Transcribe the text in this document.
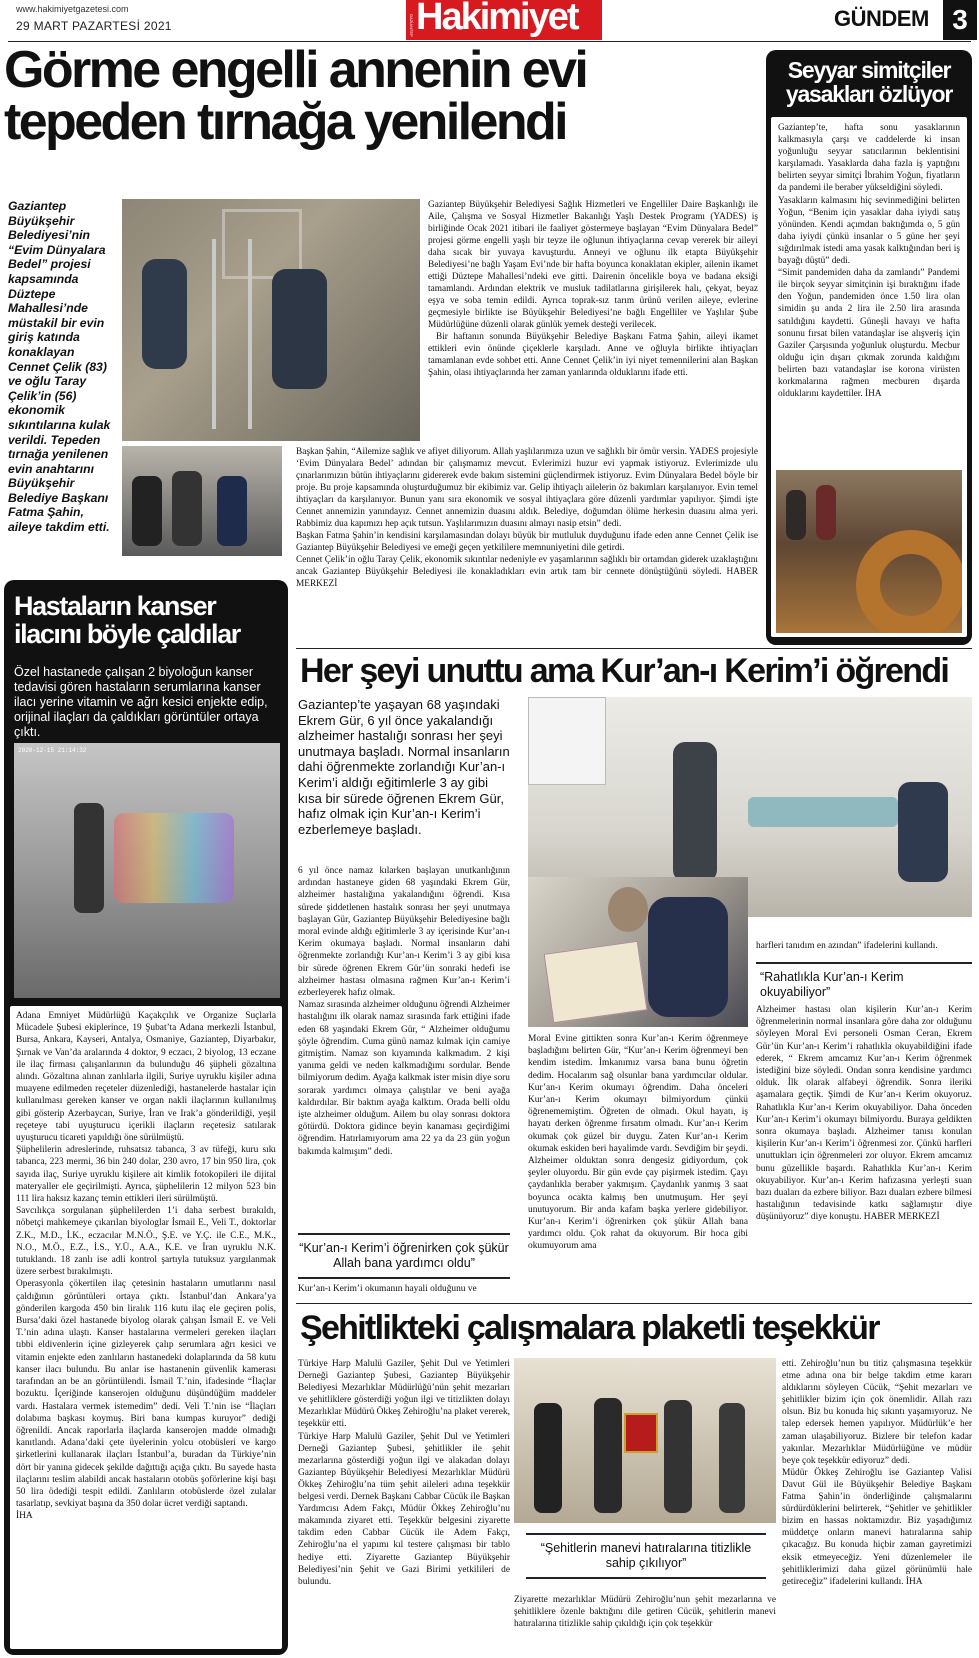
www.hakimiyetgazetesi.com
29 MART PAZARTESİ 2021	GAZİANTEP Hakimiyet	GÜNDEM 3
Görme engelli annenin evi
tepeden tırnağa yenilendi
Gaziantep Büyükşehir Belediyesi’nin “Evim Dünyalara Bedel” projesi kapsamında Düztepe Mahallesi’nde müstakil bir evin giriş katında konaklayan Cennet Çelik (83) ve oğlu Taray Çelik’in (56) ekonomik sıkıntılarına kulak verildi. Tepeden tırnağa yenilenen evin anahtarını Büyükşehir Belediye Başkanı Fatma Şahin, aileye takdim etti.

Gaziantep Büyükşehir Belediyesi Sağlık Hizmetleri ve Engelliler Daire Başkanlığı ile Aile, Çalışma ve Sosyal Hizmetler Bakanlığı Yaşlı Destek Programı (YADES) iş birliğinde Ocak 2021 itibari ile faaliyet göstermeye başlayan “Evim Dünyalara Bedel” projesi görme engelli yaşlı bir teyze ile oğlunun ihtiyaçlarına cevap vererek bir aileyi daha sıcak bir yuvaya kavuşturdu. Anneyi ve oğlunu ilk etapta Büyükşehir Belediyesi’ne bağlı Yaşam Evi’nde bir hafta boyunca konaklatan ekipler, ailenin ikamet ettiği Düztepe Mahallesi’ndeki eve gitti. Dairenin öncelikle boya ve badana eksiği tamamlandı. Ardından elektrik ve musluk tadilatlarına girişilerek halı, çekyat, beyaz eşya ve soba temin edildi. Ayrıca toprak-sız tarım ürünü verilen aileye, evlerine geçmesiyle birlikte ise Büyükşehir Belediyesi’ne bağlı Engelliler ve Yaşlılar Şube Müdürlüğüne düzenli olarak günlük yemek desteği verilecek.

Bir haftanın sonunda Büyükşehir Belediye Başkanı Fatma Şahin, aileyi ikamet ettikleri evin önünde çiçeklerle karşıladı. Anne ve oğluyla birlikte ihtiyaçları tamamlanan evde sohbet etti. Anne Cennet Çelik’in iyi niyet temennilerini alan Başkan Şahin, olası ihtiyaçlarında her zaman yanlarında olduklarını ifade etti.

Başkan Şahin, “Ailemize sağlık ve afiyet diliyorum. Allah yaşlılarımıza uzun ve sağlıklı bir ömür versin. YADES projesiyle ‘Evim Dünyalara Bedel’ adından bir çalışmamız mevcut. Evlerimizi huzur evi yapmak istiyoruz. Evlerimizde ulu çınarlarımızın bütün ihtiyaçlarını gidererek evde bakım sistemini güçlendirmek istiyoruz. Evim Dünyalara Bedel böyle bir proje. Bu proje kapsamında oluşturduğumuz bir ekibimiz var. Gelip ihtiyaçlı ailelerin öz bakımları karşılanıyor. Evin temel ihtiyaçları da karşılanıyor. Bunun yanı sıra ekonomik ve sosyal ihtiyaçlara göre düzenli yardımlar yapılıyor. Şimdi işte Cennet annemizin yanındayız. Cennet annemizin duasını aldık. Belediye, doğumdan ölüme herkesin duasını alma yeri. Rabbimiz dua kapımızı hep açık tutsun. Yaşlılarımızın duasını almayı nasip etsin” dedi.

Başkan Fatma Şahin’in kendisini karşılamasından dolayı büyük bir mutluluk duyduğunu ifade eden anne Cennet Çelik ise Gaziantep Büyükşehir Belediyesi ve emeği geçen yetkililere memnuniyetini dile getirdi.

Cennet Çelik’in oğlu Taray Çelik, ekonomik sıkıntılar nedeniyle ev yaşamlarının sağlıklı bir ortamdan giderek uzaklaştığını ancak Gaziantep Büyükşehir Belediyesi ile konakladıkları evin artık tam bir cennete dönüştüğünü söyledi. HABER MERKEZİ

Seyyar simitçiler
yasakları özlüyor

Gaziantep’te, hafta sonu yasaklarının kalkmasıyla çarşı ve caddelerde ki insan yoğunluğu seyyar satıcılarının beklentisini karşılamadı. Yasaklarda daha fazla iş yaptığını belirten seyyar simitçi İbrahim Yoğun, fiyatların da pandemi ile beraber yükseldiğini söyledi.

Yasakların kalmasını hiç sevinmediğini belirten Yoğun, “Benim için yasaklar daha iyiydi satış yönünden. Kendi açımdan baktığımda o, 5 gün daha iyiydi çünkü insanlar o 5 güne her şeyi sığdırılmak istedi ama yasak kalktığından beri iş bayağı düştü” dedi.

“Simit pandemiden daha da zamlandı” Pandemi ile birçok seyyar simitçinin işi bıraktığını ifade den Yoğun, pandemiden önce 1.50 lira olan simidin şu anda 2 lira ile 2.50 lira arasında satıldığını kaydetti. Güneşli havayı ve hafta sonunu fırsat bilen vatandaşlar ise alışveriş için Gaziler Çarşısında yoğunluk oluşturdu. Mecbur olduğu için dışarı çıkmak zorunda kaldığını belirten bazı vatandaşlar ise korona virüsten korkmalarına rağmen mecburen dışarda olduklarını kaydettiler. İHA

Hastaların kanser
ilacını böyle çaldılar
Özel hastanede çalışan 2 biyoloğun kanser tedavisi gören hastaların serumlarına kanser ilacı yerine vitamin ve ağrı kesici enjekte edip, orijinal ilaçları da çaldıkları görüntüler ortaya çıktı.
2020-12-15 21:14:32

Adana Emniyet Müdürlüğü Kaçakçılık ve Organize Suçlarla Mücadele Şubesi ekiplerince, 19 Şubat’ta Adana merkezli İstanbul, Bursa, Ankara, Kayseri, Antalya, Osmaniye, Gaziantep, Diyarbakır, Şırnak ve Van’da aralarında 4 doktor, 9 eczacı, 2 biyolog, 13 eczane ile ilaç firması çalışanlarının da bulunduğu 46 şüpheli gözaltına alındı. Gözaltına alınan zanlılarla ilgili, Suriye uyruklu kişiler adına muayene edilmeden reçeteler düzenlediği, hastanelerde hastalar için kullanılması gereken kanser ve organ nakli ilaçlarının kullanılmış gibi gösterip Azerbaycan, Suriye, İran ve Irak’a gönderildiği, yeşil reçeteye tabi uyuşturucu içerikli ilaçların reçetesiz satılarak uyuşturucu ticareti yapıldığı öne sürülmüştü.

Şüphelilerin adreslerinde, ruhsatsız tabanca, 3 av tüfeği, kuru sıkı tabanca, 223 mermi, 36 bin 240 dolar, 230 avro, 17 bin 950 lira, çok sayıda ilaç, Suriye uyruklu kişilere ait kimlik fotokopileri ile dijital materyaller ele geçirilmişti. Ayrıca, şüphelilerin 12 milyon 523 bin 111 lira haksız kazanç temin ettikleri ileri sürülmüştü.

Savcılıkça sorgulanan şüphelilerden 1’i daha serbest bırakıldı, nöbetçi mahkemeye çıkarılan biyologlar İsmail E., Veli T., doktorlar Z.K., M.D., İ.K., eczacılar M.N.Ö., Ş.E. ve Y.Ç. ile C.E., M.K., N.O., M.Ö., E.Z., İ.S., Y.Ü., A.A., K.E. ve İran uyruklu N.K. tutuklandı. 18 zanlı ise adli kontrol şartıyla tutuksuz yargılanmak üzere serbest bırakılmıştı.

Operasyonla çökertilen ilaç çetesinin hastaların umutlarını nasıl çaldığının görüntüleri ortaya çıktı. İstanbul’dan Ankara’ya gönderilen kargoda 450 bin liralık 116 kutu ilaç ele geçiren polis, Bursa’daki özel hastanede biyolog olarak çalışan İsmail E. ve Veli T.’nin adına ulaştı. Kanser hastalarına vermeleri gereken ilaçları tıbbi eldivenlerin içine gizleyerek çalıp serumlara ağrı kesici ve vitamin enjekte eden zanlıların hastanedeki dolaplarında da 58 kutu kanser ilacı bulundu. Bu anlar ise hastanenin güvenlik kamerası tarafından an be an görüntülendi. İsmail T.’nin, ifadesinde “İlaçlar bozuktu. İçeriğinde kanserojen olduğunu düşündüğüm maddeler vardı. Hastalara vermek istemedim” dedi. Veli T.’nin ise “İlaçları dolabıma başkası koymuş. Biri bana kumpas kuruyor” dediği öğrenildi. Ancak raporlarla ilaçlarda kanserojen madde olmadığı kanıtlandı. Adana’daki çete üyelerinin yolcu otobüsleri ve kargo şirketlerini kullanarak ilaçları İstanbul’a, buradan da Türkiye’nin dört bir yanına gidecek şekilde dağıttığı açığa çıktı. Bu sayede hasta ilaçlarını teslim alabildi ancak hastaların otobüs şoförlerine kişi başı 50 lira ödediği tespit edildi. Zanlıların otobüslerde özel zulalar tasarlatıp, sevkiyat başına da 350 dolar ücret verdiği saptandı.

İHA

Her şeyi unuttu ama Kur’an-ı Kerim’i öğrendi
Gaziantep’te yaşayan 68 yaşındaki Ekrem Gür, 6 yıl önce yakalandığı alzheimer hastalığı sonrası her şeyi unutmaya başladı. Normal insanların dahi öğrenmekte zorlandığı Kur’an-ı Kerim’i aldığı eğitimlerle 3 ay gibi kısa bir sürede öğrenen Ekrem Gür, hafız olmak için Kur’an-ı Kerim’i ezberlemeye başladı.

6 yıl önce namaz kılarken başlayan unutkanlığının ardından hastaneye giden 68 yaşındaki Ekrem Gür, alzheimer hastalığına yakalandığını öğrendi. Kısa sürede şiddetlenen hastalık sonrası her şeyi unutmaya başlayan Gür, Gaziantep Büyükşehir Belediyesine bağlı moral evinde aldığı eğitimlerle 3 ay içerisinde Kur’an-ı Kerim okumaya başladı. Normal insanların dahi öğrenmekte zorlandığı Kur’an-ı Kerim’i 3 ay gibi kısa bir sürede öğrenen Ekrem Gür’ün sonraki hedefi ise alzheimer hastası olmasına rağmen Kur’an-ı Kerim’i ezberleyerek hafız olmak.

Namaz sırasında alzheimer olduğunu öğrendi Alzheimer hastalığını ilk olarak namaz sırasında fark ettiğini ifade eden 68 yaşındaki Ekrem Gür, “ Alzheimer olduğumu şöyle öğrendim. Cuma günü namaz kılmak için camiye gitmiştim. Namaz son kıyamında kalkmadım. 2 kişi yanıma geldi ve neden kalkmadığımı sordular. Bende bilmiyorum dedim. Ayağa kalkmak ister misin diye soru sorarak yardımcı olmaya çalıştılar ve beni ayağa kaldırdılar. Bir baktım ayağa kalktım. Orada belli oldu işte alzheimer olduğum. Ailem bu olay sonrası doktora götürdü. Doktora gidince beyin kanaması geçirdiğimi öğrendim. Hatırlamıyorum ama 22 ya da 23 gün yoğun bakımda kalmışım” dedi.

“Kur’an-ı Kerim’i öğrenirken çok şükür Allah bana yardımcı oldu”
Kur’an-ı Kerim’i okumanın hayali olduğunu ve

Moral Evine gittikten sonra Kur’an-ı Kerim öğrenmeye başladığını belirten Gür, “Kur’an-ı Kerim öğrenmeyi ben kendim istedim. İmkanımız varsa bana bunu öğretin dedim. Hocalarım sağ olsunlar bana yardımcılar oldular. Kur’an-ı Kerim okumayı öğrendim. Daha önceleri Kur’an-ı Kerim okumayı bilmiyordum çünkü öğrenememiştim. Öğreten de olmadı. Okul hayatı, iş hayatı derken öğrenme fırsatım olmadı. Kur’an-ı Kerim okumak çok güzel bir duygu. Zaten Kur’an-ı Kerim okumak eskiden beri hayalimde vardı. Sevdiğim bir şeydi. Alzheimer olduktan sonra dengesiz gidiyordum, çok şeyler oluyordu. Bir gün evde çay pişirmek istedim. Çayı çaydanlıkla beraber yakmışım. Çaydanlık yanmış 3 saat boyunca ocakta kalmış ben unutmuşum. Her şeyi unutuyorum. Bir anda kafam başka yerlere gidebiliyor. Kur’an-ı Kerim’i öğrenirken çok şükür Allah bana yardımcı oldu. Çok rahat da okuyorum. Bir hoca gibi okumuyorum ama

harfleri tanıdım en azından” ifadelerini kullandı.
“Rahatlıkla Kur’an-ı Kerim okuyabiliyor”

Alzheimer hastası olan kişilerin Kur’an-ı Kerim öğrenmelerinin normal insanlara göre daha zor olduğunu söyleyen Moral Evi personeli Osman Ceran, Ekrem Gür’ün Kur’an-ı Kerim’i rahatlıkla okuyabildiğini ifade ederek, “ Ekrem amcamız Kur’an-ı Kerim öğrenmek istediğini bize söyledi. Ondan sonra kendisine yardımcı olduk. İlk olarak alfabeyi öğrendik. Sonra ileriki aşamalara geçtik. Şimdi de Kur’an-ı Kerim okuyoruz. Rahatlıkla Kur’an-ı Kerim okuyabiliyor. Daha önceden Kur’an-ı Kerim’i okumayı bilmiyordu. Buraya geldikten sonra okumaya başladı. Alzheimer tanısı konulan kişilerin Kur’an-ı Kerim’i öğrenmesi zor. Çünkü harfleri unuttukları için öğrenmeleri zor oluyor. Ekrem amcamız bunu güzellikle başardı. Rahatlıkla Kur’an-ı Kerim okuyabiliyor. Kur’an-ı Kerim hafızasına yerleşti suan bazı duaları da ezbere biliyor. Bazı duaları ezbere bilmesi hastalığının tedavisinde katkı sağlamıştır diye düşünüyoruz” diye konuştu. HABER MERKEZİ

Şehitlikteki çalışmalara plaketli teşekkür

Türkiye Harp Malulü Gaziler, Şehit Dul ve Yetimleri Derneği Gaziantep Şubesi, Gaziantep Büyükşehir Belediyesi Mezarlıklar Müdürlüğü’nün şehit mezarları ve şehitliklere gösterdiği yoğun ilgi ve titizlikten dolayı Mezarlıklar Müdürü Ökkeş Zehiroğlu’na plaket vererek, teşekkür etti.

Türkiye Harp Malulü Gaziler, Şehit Dul ve Yetimleri Derneği Gaziantep Şubesi, şehitlikler ile şehit mezarlarına gösterdiği yoğun ilgi ve alakadan dolayı Gaziantep Büyükşehir Belediyesi Mezarlıklar Müdürü Ökkeş Zehiroğlu’na tüm şehit aileleri adına teşekkür belgesi verdi. Dernek Başkanı Cabbar Cücük ile Başkan Yardımcısı Adem Fakçı, Müdür Ökkeş Zehiroğlu’nu makamında ziyaret etti. Teşekkür belgesini ziyarette takdim eden Cabbar Cücük ile Adem Fakçı, Zehiroğlu’na el yapımı kıl testere çalışması bir tablo hediye etti. Ziyarette Gaziantep Büyükşehir Belediyesi’nin Şehit ve Gazi Birimi yetkilileri de bulundu.

“Şehitlerin manevi hatıralarına titizlikle sahip çıkılıyor”
Ziyarette mezarlıklar Müdürü Zehiroğlu’nun şehit mezarlarına ve şehitliklere özenle baktığını dile getiren Cücük, şehitlerin manevi hatıralarına titizlikle sahip çıkıldığı için çok teşekkür

etti. Zehiroğlu’nun bu titiz çalışmasına teşekkür etme adına ona bir belge takdim etme kararı aldıklarını söyleyen Cücük, “Şehit mezarları ve şehitlikler bizim için çok önemlidir. Allah razı olsun. Biz bu konuda hiç sıkıntı yaşamıyoruz. Ne talep edersek hemen yapılıyor. Müdürlük’e her zaman ulaşabiliyoruz. Bizlere bir telefon kadar yakınlar. Mezarlıklar Müdürlüğüne ve müdür beye çok teşekkür ediyoruz” dedi.

Müdür Ökkeş Zehiroğlu ise Gaziantep Valisi Davut Gül ile Büyükşehir Belediye Başkanı Fatma Şahin’in önderliğinde çalışmalarını sürdürdüklerini belirterek, “Şehitler ve şehitlikler bizim en hassas noktamızdır. Biz yaşadığımız müddetçe onların manevi hatıralarına sahip çıkacağız. Bu konuda hiçbir zaman gayretimizi eksik etmeyeceğiz. Yeni düzenlemeler ile şehitliklerimizi daha güzel görünümlü hale getireceğiz” ifadelerini kullandı. İHA
